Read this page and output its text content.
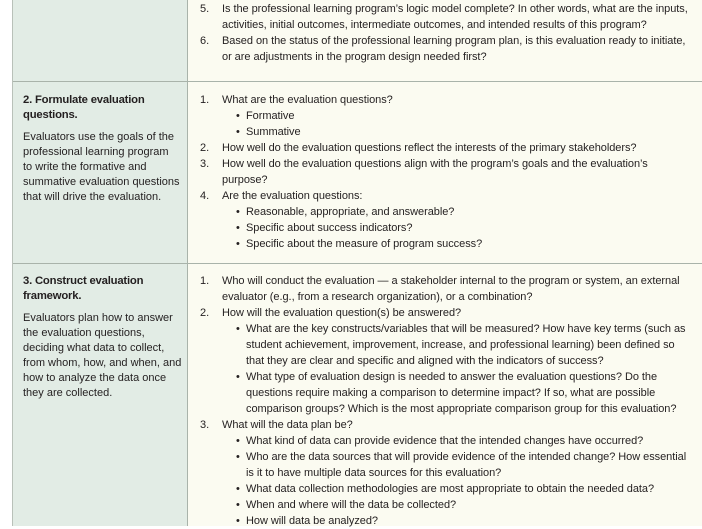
5. Is the professional learning program’s logic model complete? In other words, what are the inputs,
activities, initial outcomes, intermediate outcomes, and intended results of this program?
6. Based on the status of the professional learning program plan, is this evaluation ready to initiate,
or are adjustments in the program design needed first?
2. Formulate evaluation
questions.
Evaluators use the goals of the
professional learning program
to write the formative and
summative evaluation questions
that will drive the evaluation.
1. What are the evaluation questions?
• Formative
• Summative
2. How well do the evaluation questions reflect the interests of the primary stakeholders?
3. How well do the evaluation questions align with the program’s goals and the evaluation’s
purpose?
4. Are the evaluation questions:
• Reasonable, appropriate, and answerable?
• Specific about success indicators?
• Specific about the measure of program success?
3. Construct evaluation
framework.
Evaluators plan how to answer
the evaluation questions,
deciding what data to collect,
from whom, how, and when, and
how to analyze the data once
they are collected.
1. Who will conduct the evaluation — a stakeholder internal to the program or system, an external
evaluator (e.g., from a research organization), or a combination?
2. How will the evaluation question(s) be answered?
• What are the key constructs/variables that will be measured? How have key terms (such as
student achievement, improvement, increase, and professional learning) been defined so
that they are clear and specific and aligned with the indicators of success?
• What type of evaluation design is needed to answer the evaluation questions? Do the
questions require making a comparison to determine impact? If so, what are possible
comparison groups? Which is the most appropriate comparison group for this evaluation?
3. What will the data plan be?
• What kind of data can provide evidence that the intended changes have occurred?
• Who are the data sources that will provide evidence of the intended change? How essential
is it to have multiple data sources for this evaluation?
• What data collection methodologies are most appropriate to obtain the needed data?
• When and where will the data be collected?
• How will data be analyzed?
